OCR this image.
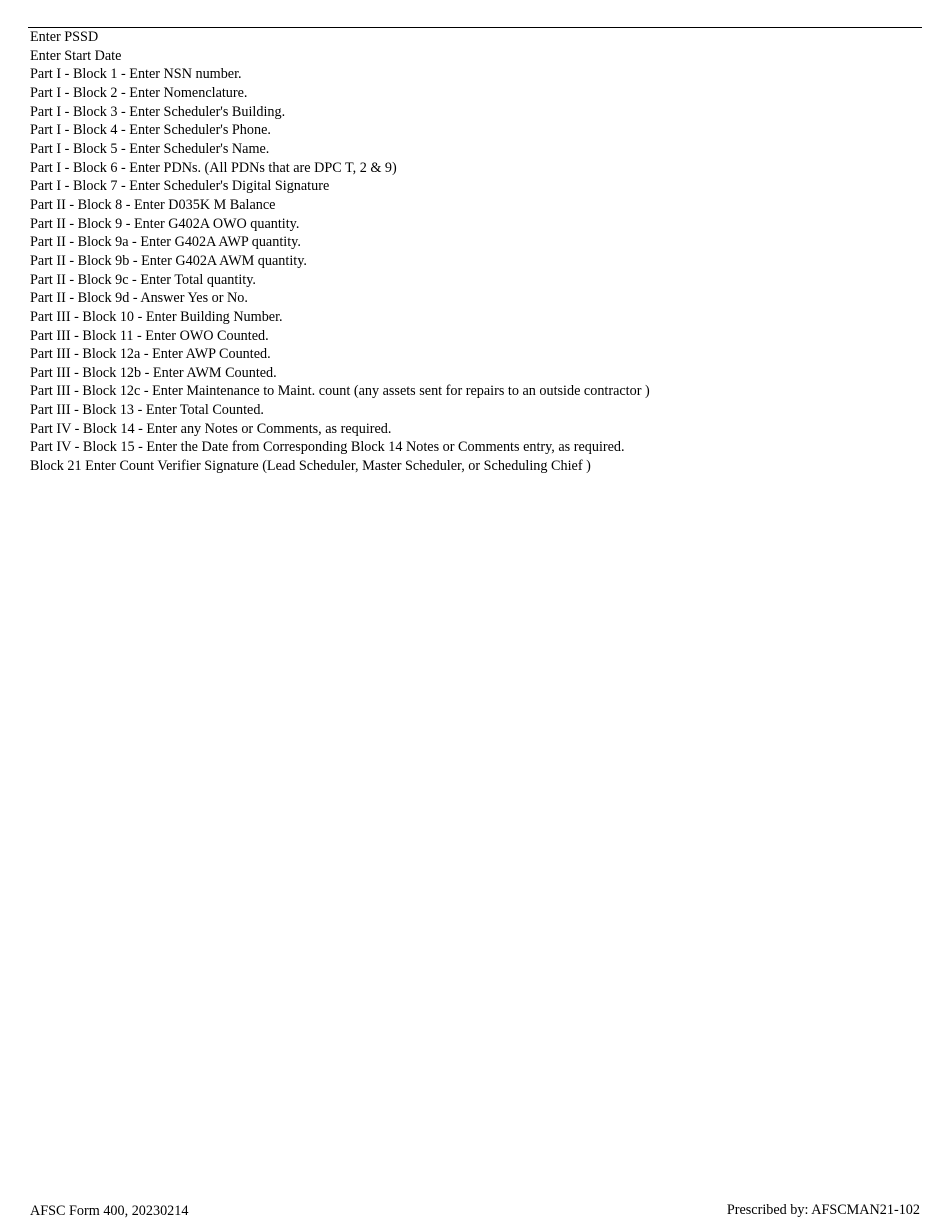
Enter PSSD
Enter Start Date
Part I - Block 1 - Enter NSN number.
Part I - Block 2 - Enter Nomenclature.
Part I - Block 3 - Enter Scheduler's Building.
Part I - Block 4 - Enter Scheduler's Phone.
Part I - Block 5 - Enter Scheduler's Name.
Part I - Block 6 - Enter PDNs. (All PDNs that are DPC T, 2 & 9)
Part I - Block 7 - Enter Scheduler's Digital Signature
Part II - Block 8 - Enter D035K M Balance
Part II - Block 9 - Enter G402A OWO quantity.
Part II - Block 9a - Enter G402A AWP quantity.
Part II - Block 9b - Enter G402A AWM quantity.
Part II - Block 9c - Enter Total quantity.
Part II - Block 9d - Answer Yes or No.
Part III - Block 10 - Enter Building Number.
Part III - Block 11 - Enter OWO Counted.
Part III - Block 12a - Enter AWP Counted.
Part III - Block 12b - Enter AWM Counted.
Part III - Block 12c - Enter Maintenance to Maint. count (any assets sent for repairs to an outside contractor )
Part III - Block 13 - Enter Total Counted.
Part IV - Block 14 - Enter any Notes or Comments, as required.
Part IV - Block 15 - Enter the Date from Corresponding Block 14 Notes or Comments entry, as required.
Block 21 Enter Count Verifier Signature (Lead Scheduler, Master Scheduler, or Scheduling Chief )
AFSC Form 400, 20230214	Prescribed by: AFSCMAN21-102
